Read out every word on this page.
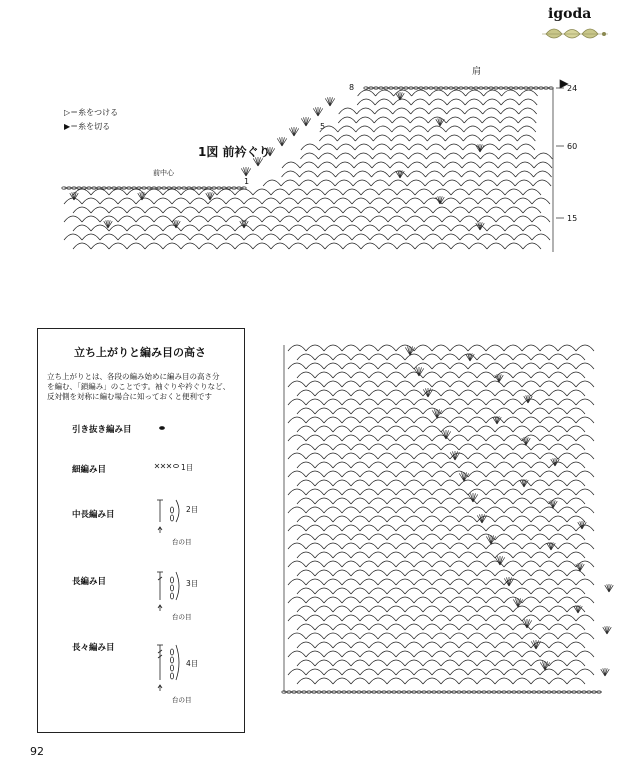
igoda
肩
8
5
1
24
60
15
▷＝糸をつける
▶＝糸を切る
1図 前衿ぐり
前中心
立ち上がりと編み目の高さ
立ち上がりとは、各段の編み始めに編み目の高さ分
を編む、「鎖編み」のことです。袖ぐりや衿ぐりなど、
反対側を対称に編む場合に知っておくと便利です
引き抜き編み目
細編み目
中長編み目
長編み目
長々編み目
1目
2目
3目
4目
台の目
台の目
台の目
92
